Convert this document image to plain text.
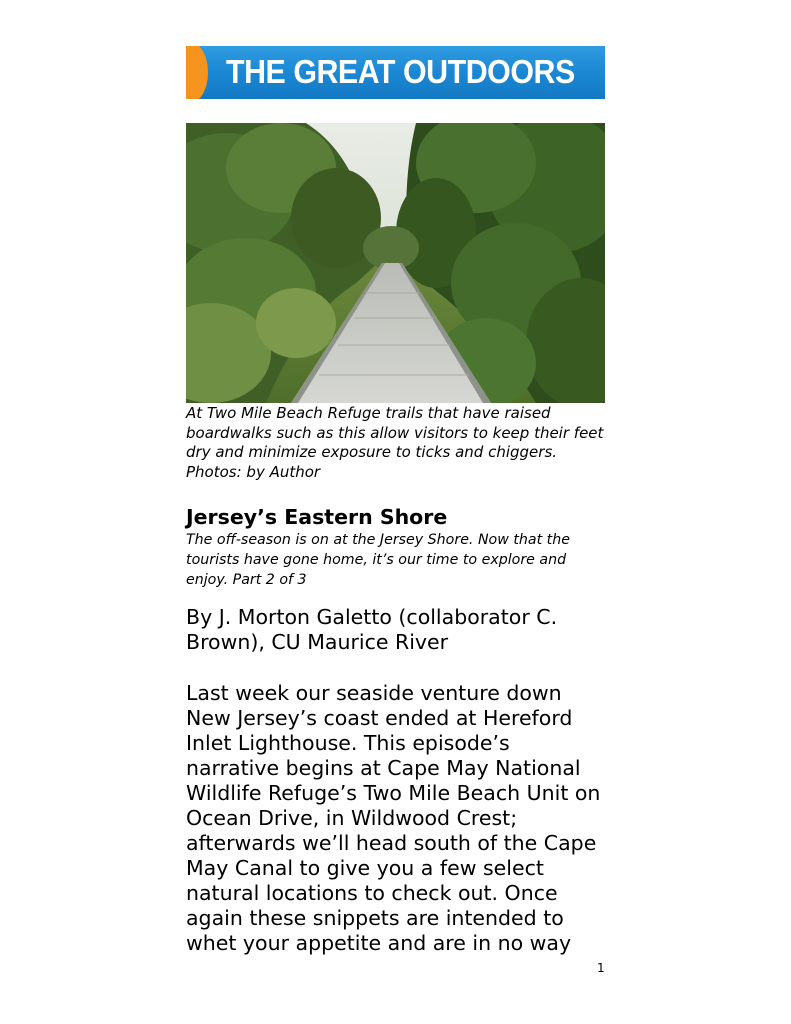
THE GREAT OUTDOORS
At Two Mile Beach Refuge trails that have raised boardwalks such as this allow visitors to keep their feet dry and minimize exposure to ticks and chiggers. Photos: by Author
Jersey’s Eastern Shore
The off-season is on at the Jersey Shore. Now that the tourists have gone home, it’s our time to explore and enjoy. Part 2 of 3
By J. Morton Galetto (collaborator C. Brown), CU Maurice River
Last week our seaside venture down New Jersey’s coast ended at Hereford Inlet Lighthouse. This episode’s narrative begins at Cape May National Wildlife Refuge’s Two Mile Beach Unit on Ocean Drive, in Wildwood Crest; afterwards we’ll head south of the Cape May Canal to give you a few select natural locations to check out. Once again these snippets are intended to whet your appetite and are in no way
1
